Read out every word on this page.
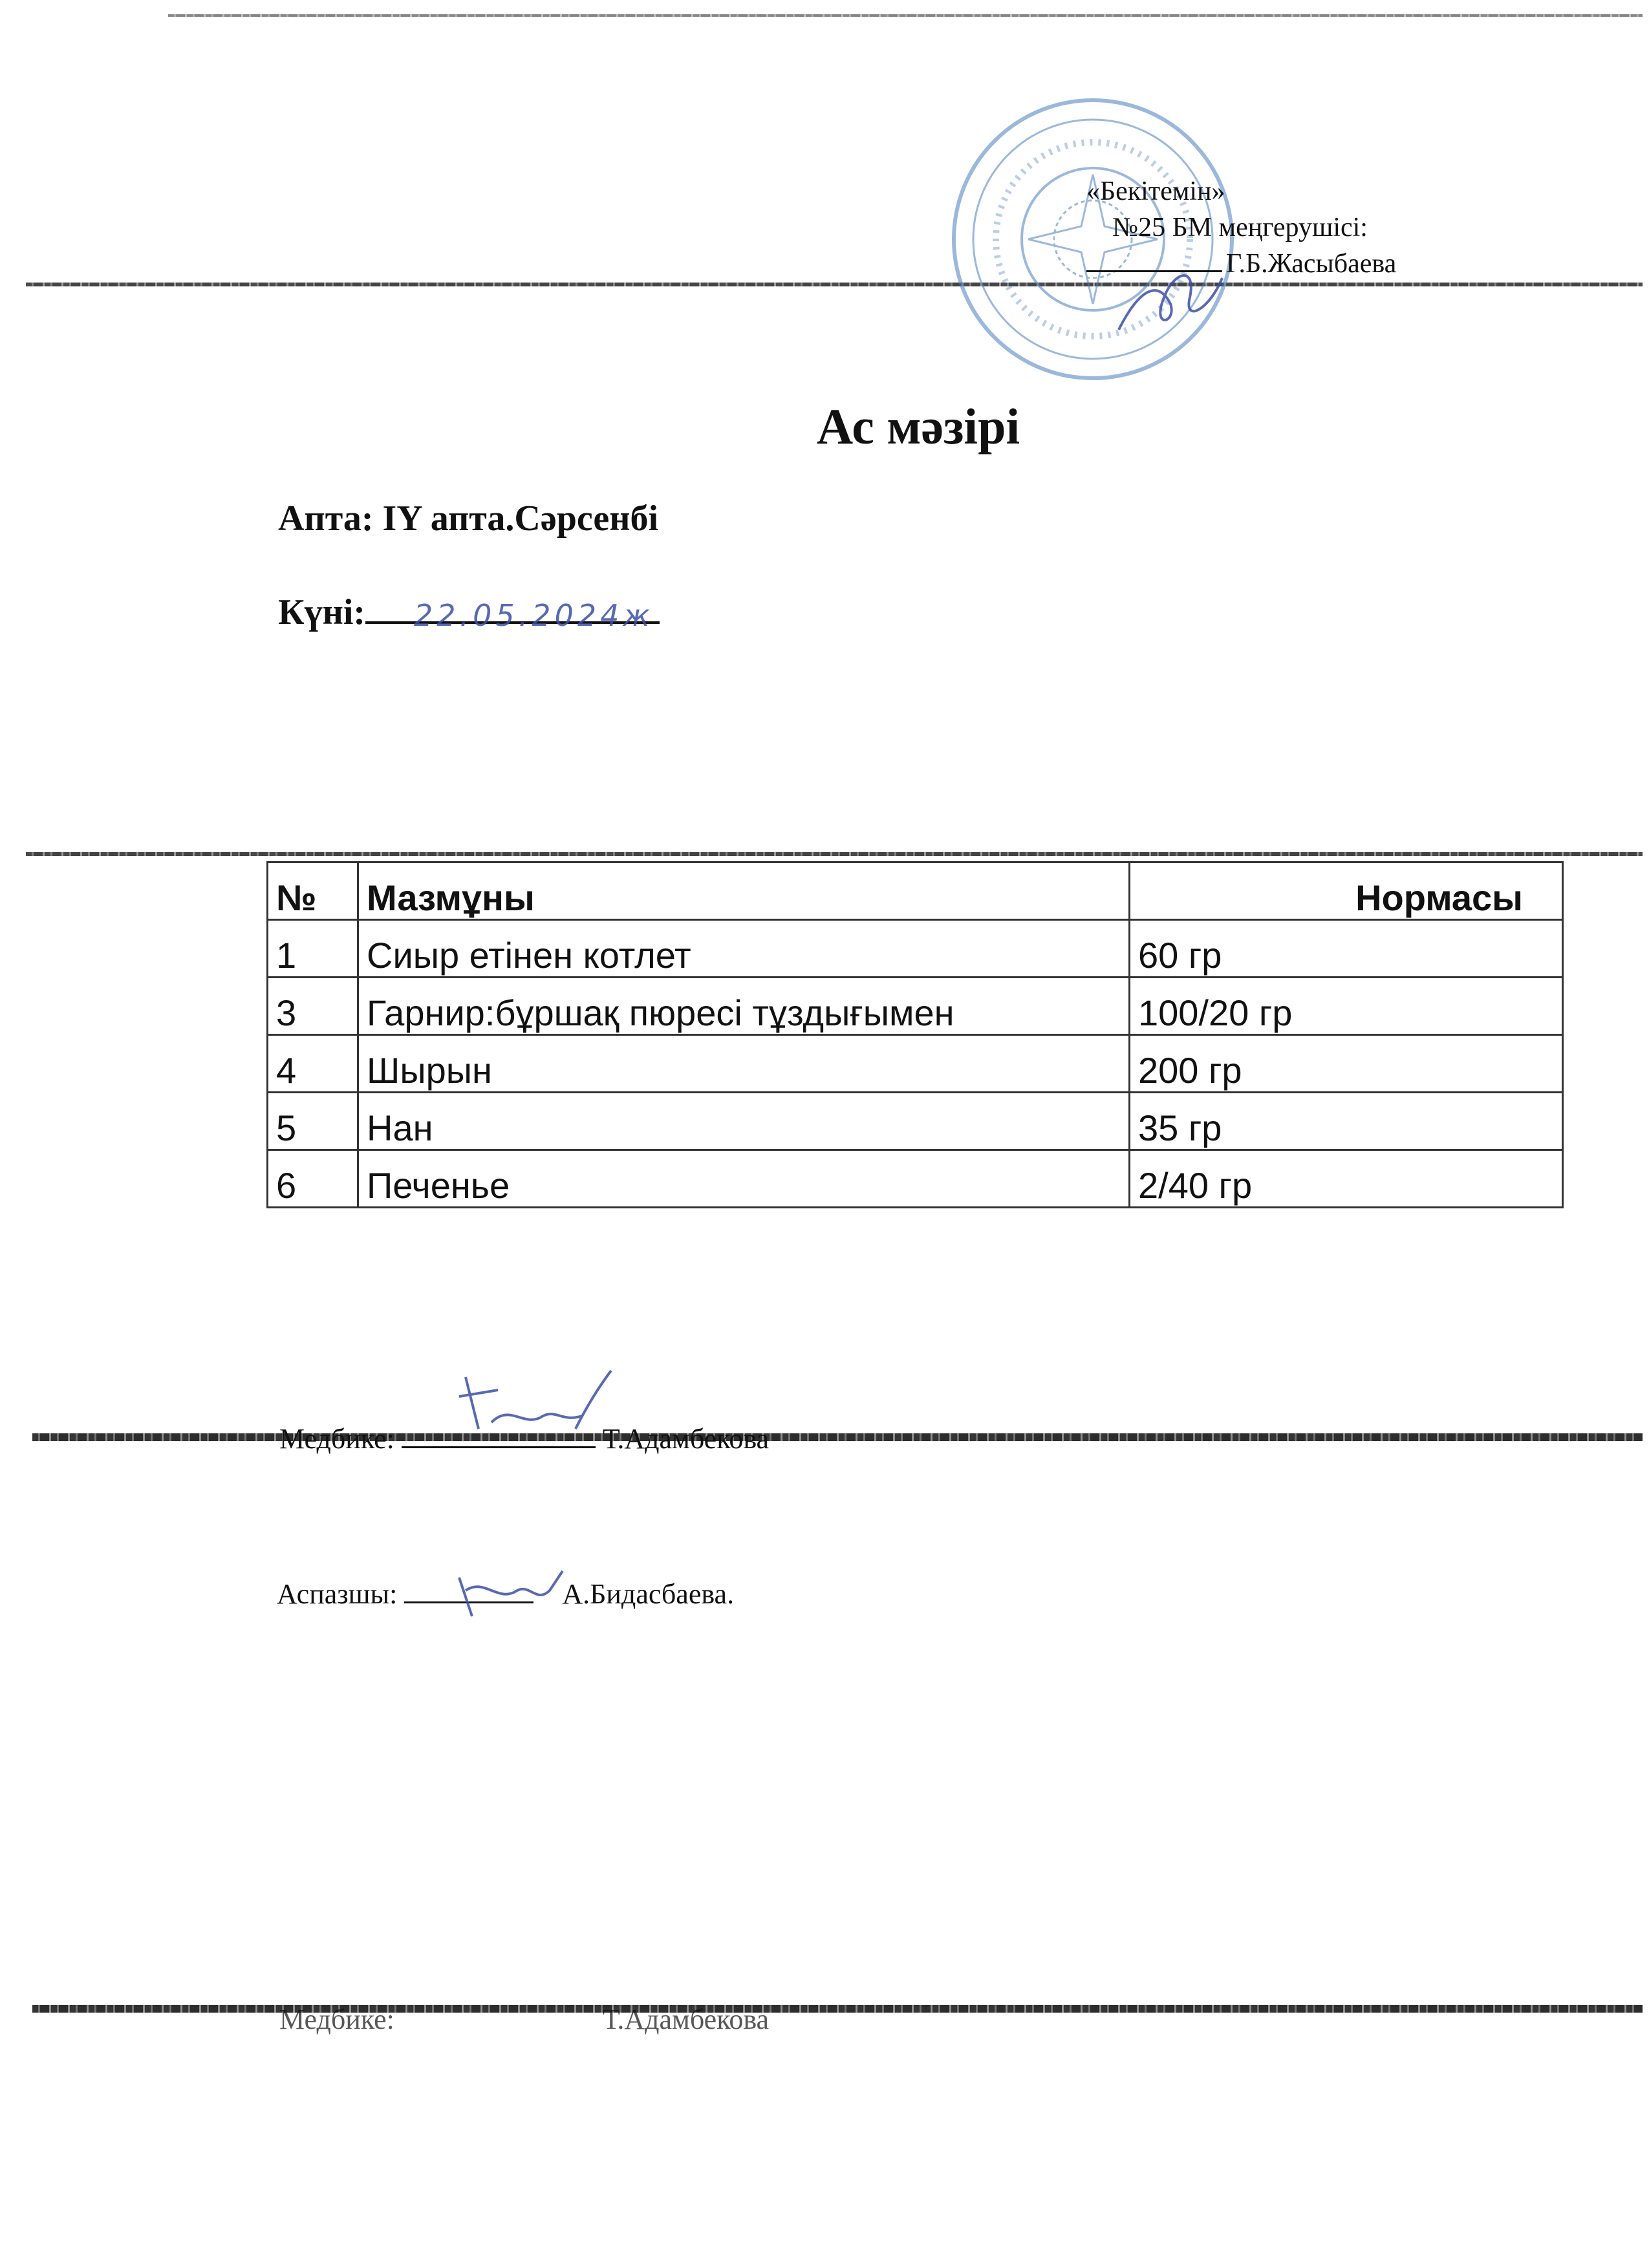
«Бекітемін»
№25 БМ меңгерушісі:
Г.Б.Жасыбаева
Ас мәзірі
Апта: IY апта.Сәрсенбі
Күні:	22.05.2024ж
№	Мазмұны	Нормасы
1	Сиыр етінен котлет	60 гр
3	Гарнир:бұршақ пюресі тұздығымен	100/20 гр
4	Шырын	200 гр
5	Нан	35 гр
6	Печенье	2/40 гр
Медбике:	Т.Адамбекова
Аспазшы:	А.Бидасбаева.
Медбике:	Т.Адамбекова
